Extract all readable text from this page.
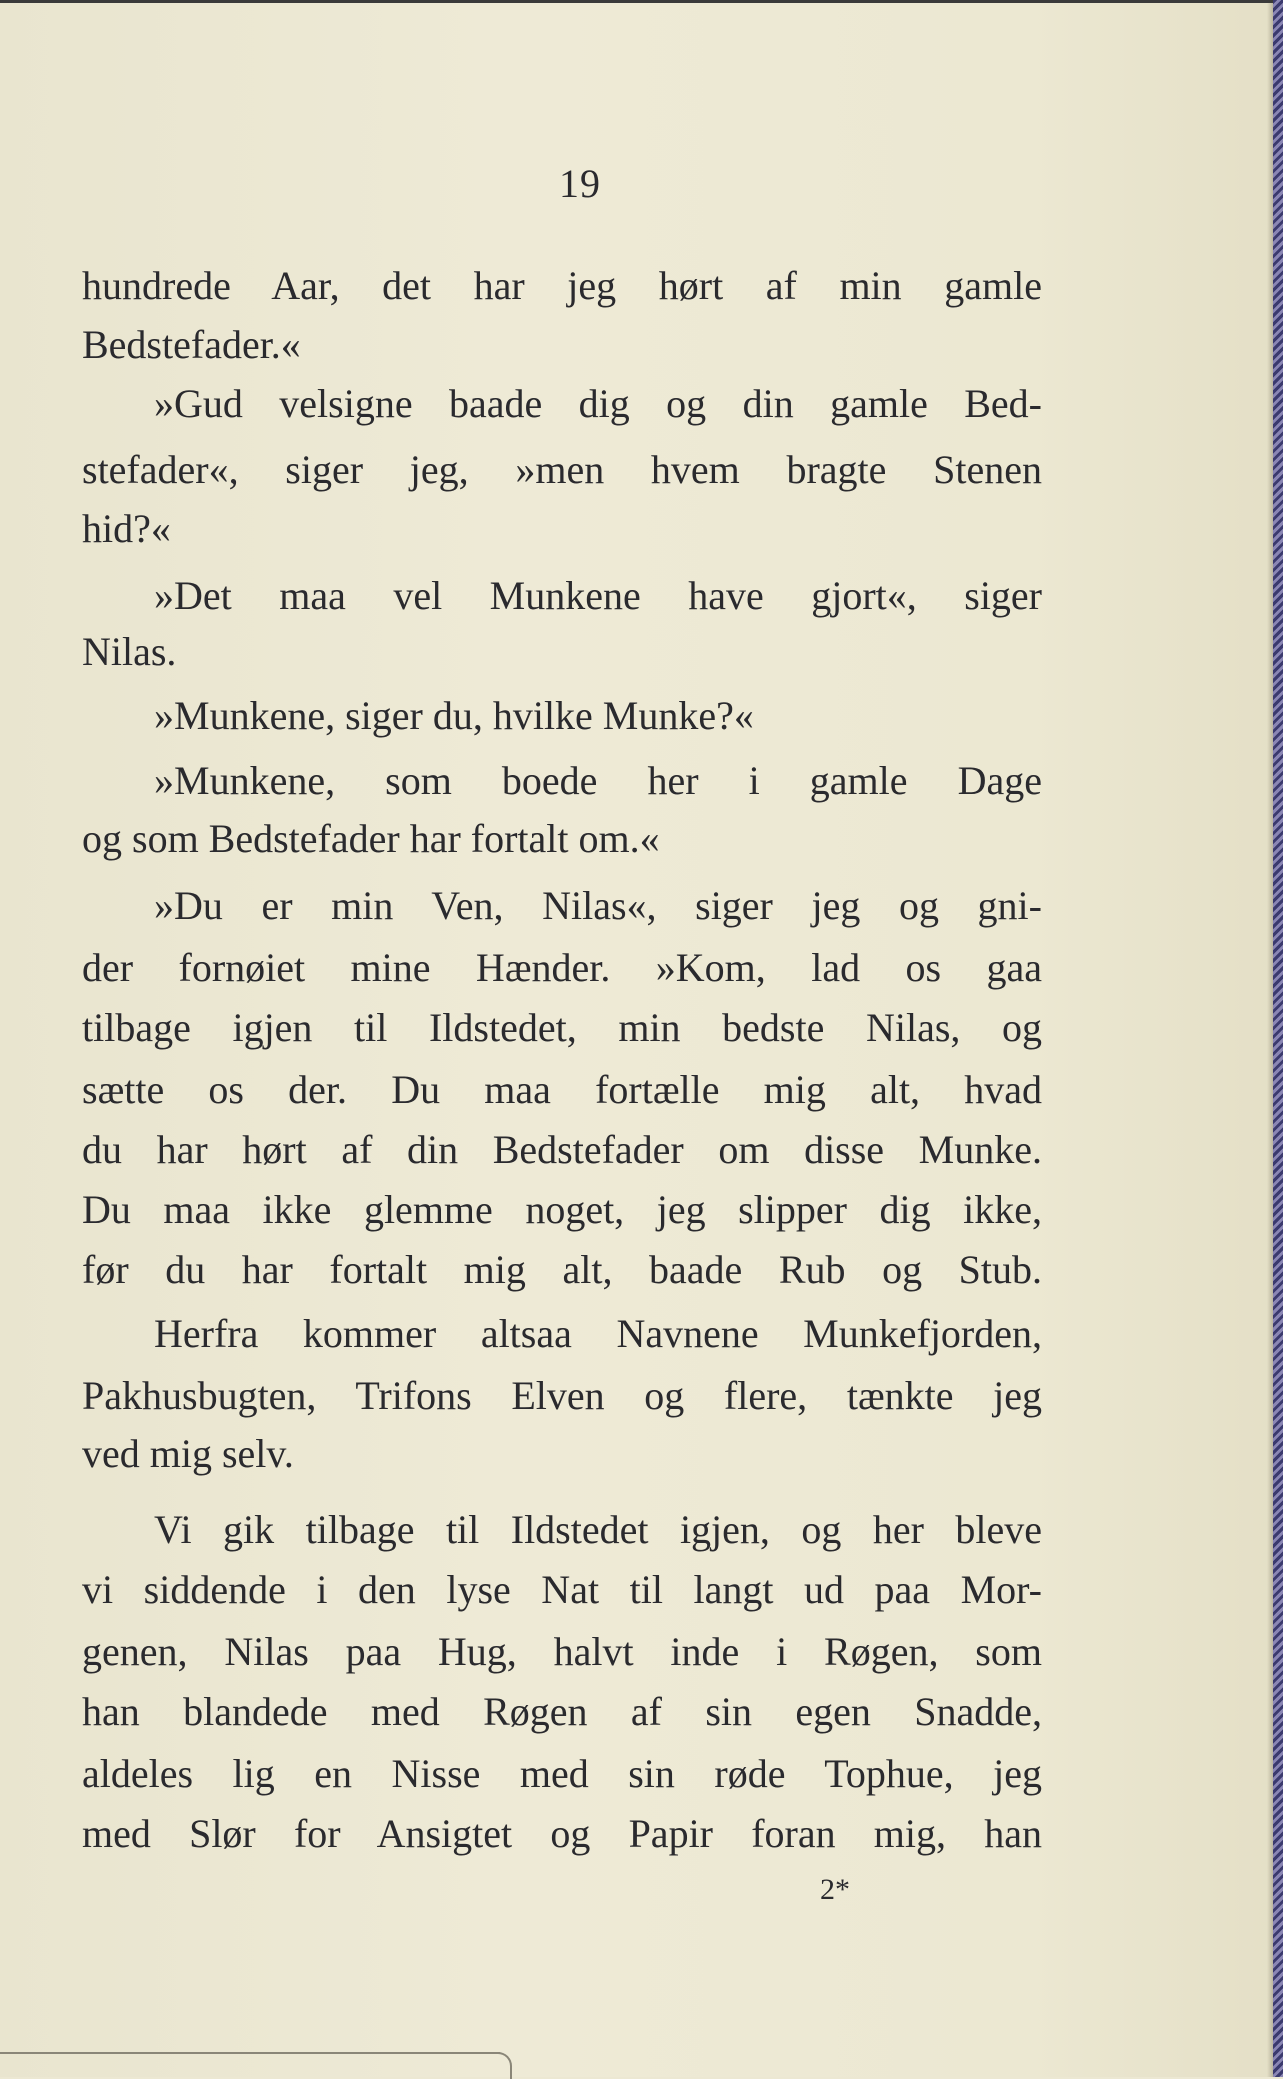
19
hundrede Aar, det har jeg hørt af min gamle
Bedstefader.«
»Gud velsigne baade dig og din gamle Bed-
stefader«, siger jeg, »men hvem bragte Stenen
hid?«
»Det maa vel Munkene have gjort«, siger
Nilas.
»Munkene, siger du, hvilke Munke?«
»Munkene, som boede her i gamle Dage
og som Bedstefader har fortalt om.«
»Du er min Ven, Nilas«, siger jeg og gni-
der fornøiet mine Hænder. »Kom, lad os gaa
tilbage igjen til Ildstedet, min bedste Nilas, og
sætte os der. Du maa fortælle mig alt, hvad
du har hørt af din Bedstefader om disse Munke.
Du maa ikke glemme noget, jeg slipper dig ikke,
før du har fortalt mig alt, baade Rub og Stub.
Herfra kommer altsaa Navnene Munkefjorden,
Pakhusbugten, Trifons Elven og flere, tænkte jeg
ved mig selv.
Vi gik tilbage til Ildstedet igjen, og her bleve
vi siddende i den lyse Nat til langt ud paa Mor-
genen, Nilas paa Hug, halvt inde i Røgen, som
han blandede med Røgen af sin egen Snadde,
aldeles lig en Nisse med sin røde Tophue, jeg
med Slør for Ansigtet og Papir foran mig, han
2*
